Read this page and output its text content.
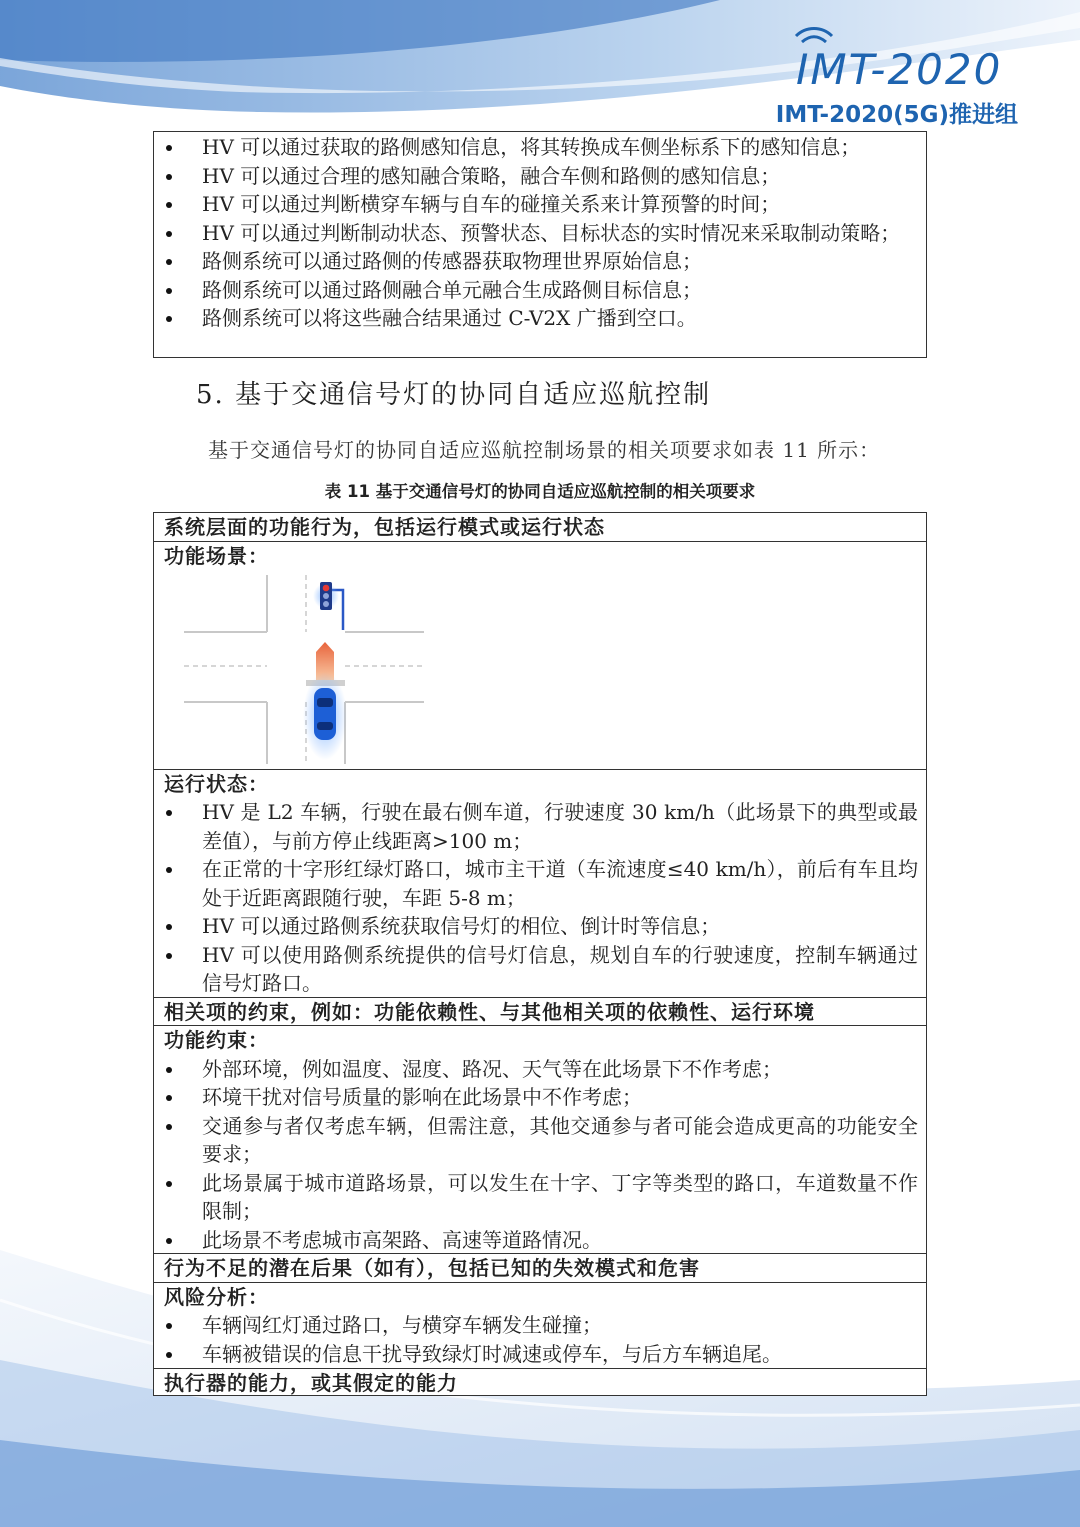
IMT-2020
IMT-2020(5G)推进组
HV 可以通过获取的路侧感知信息，将其转换成车侧坐标系下的感知信息；
HV 可以通过合理的感知融合策略，融合车侧和路侧的感知信息；
HV 可以通过判断横穿车辆与自车的碰撞关系来计算预警的时间；
HV 可以通过判断制动状态、预警状态、目标状态的实时情况来采取制动策略；
路侧系统可以通过路侧的传感器获取物理世界原始信息；
路侧系统可以通过路侧融合单元融合生成路侧目标信息；
路侧系统可以将这些融合结果通过 C-V2X 广播到空口。
5. 基于交通信号灯的协同自适应巡航控制
基于交通信号灯的协同自适应巡航控制场景的相关项要求如表 11 所示：
表 11 基于交通信号灯的协同自适应巡航控制的相关项要求
系统层面的功能行为，包括运行模式或运行状态
功能场景：
运行状态：
HV 是 L2 车辆，行驶在最右侧车道，行驶速度 30 km/h（此场景下的典型或最差值），与前方停止线距离>100 m；
在正常的十字形红绿灯路口，城市主干道（车流速度≤40 km/h），前后有车且均处于近距离跟随行驶，车距 5-8 m；
HV 可以通过路侧系统获取信号灯的相位、倒计时等信息；
HV 可以使用路侧系统提供的信号灯信息，规划自车的行驶速度，控制车辆通过信号灯路口。
相关项的约束，例如：功能依赖性、与其他相关项的依赖性、运行环境
功能约束：
外部环境，例如温度、湿度、路况、天气等在此场景下不作考虑；
环境干扰对信号质量的影响在此场景中不作考虑；
交通参与者仅考虑车辆，但需注意，其他交通参与者可能会造成更高的功能安全要求；
此场景属于城市道路场景，可以发生在十字、丁字等类型的路口，车道数量不作限制；
此场景不考虑城市高架路、高速等道路情况。
行为不足的潜在后果（如有），包括已知的失效模式和危害
风险分析：
车辆闯红灯通过路口，与横穿车辆发生碰撞；
车辆被错误的信息干扰导致绿灯时减速或停车，与后方车辆追尾。
执行器的能力，或其假定的能力
